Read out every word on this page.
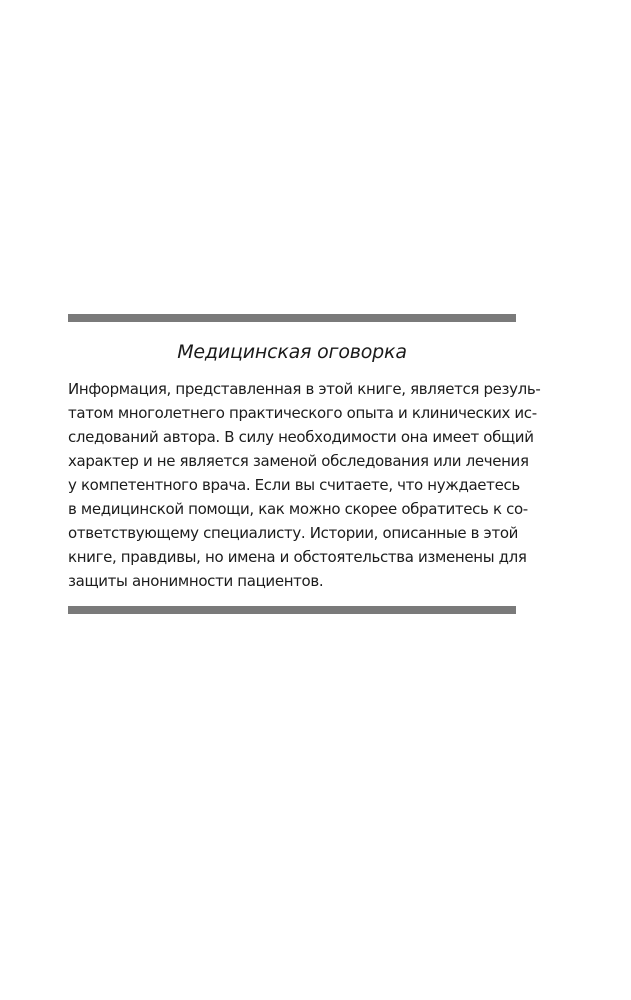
Медицинская оговорка
Информация, представленная в этой книге, является резуль-
татом многолетнего практического опыта и клинических ис-
следований автора. В силу необходимости она имеет общий
характер и не является заменой обследования или лечения
у компетентного врача. Если вы считаете, что нуждаетесь
в медицинской помощи, как можно скорее обратитесь к со-
ответствующему специалисту. Истории, описанные в этой
книге, правдивы, но имена и обстоятельства изменены для
защиты анонимности пациентов.
